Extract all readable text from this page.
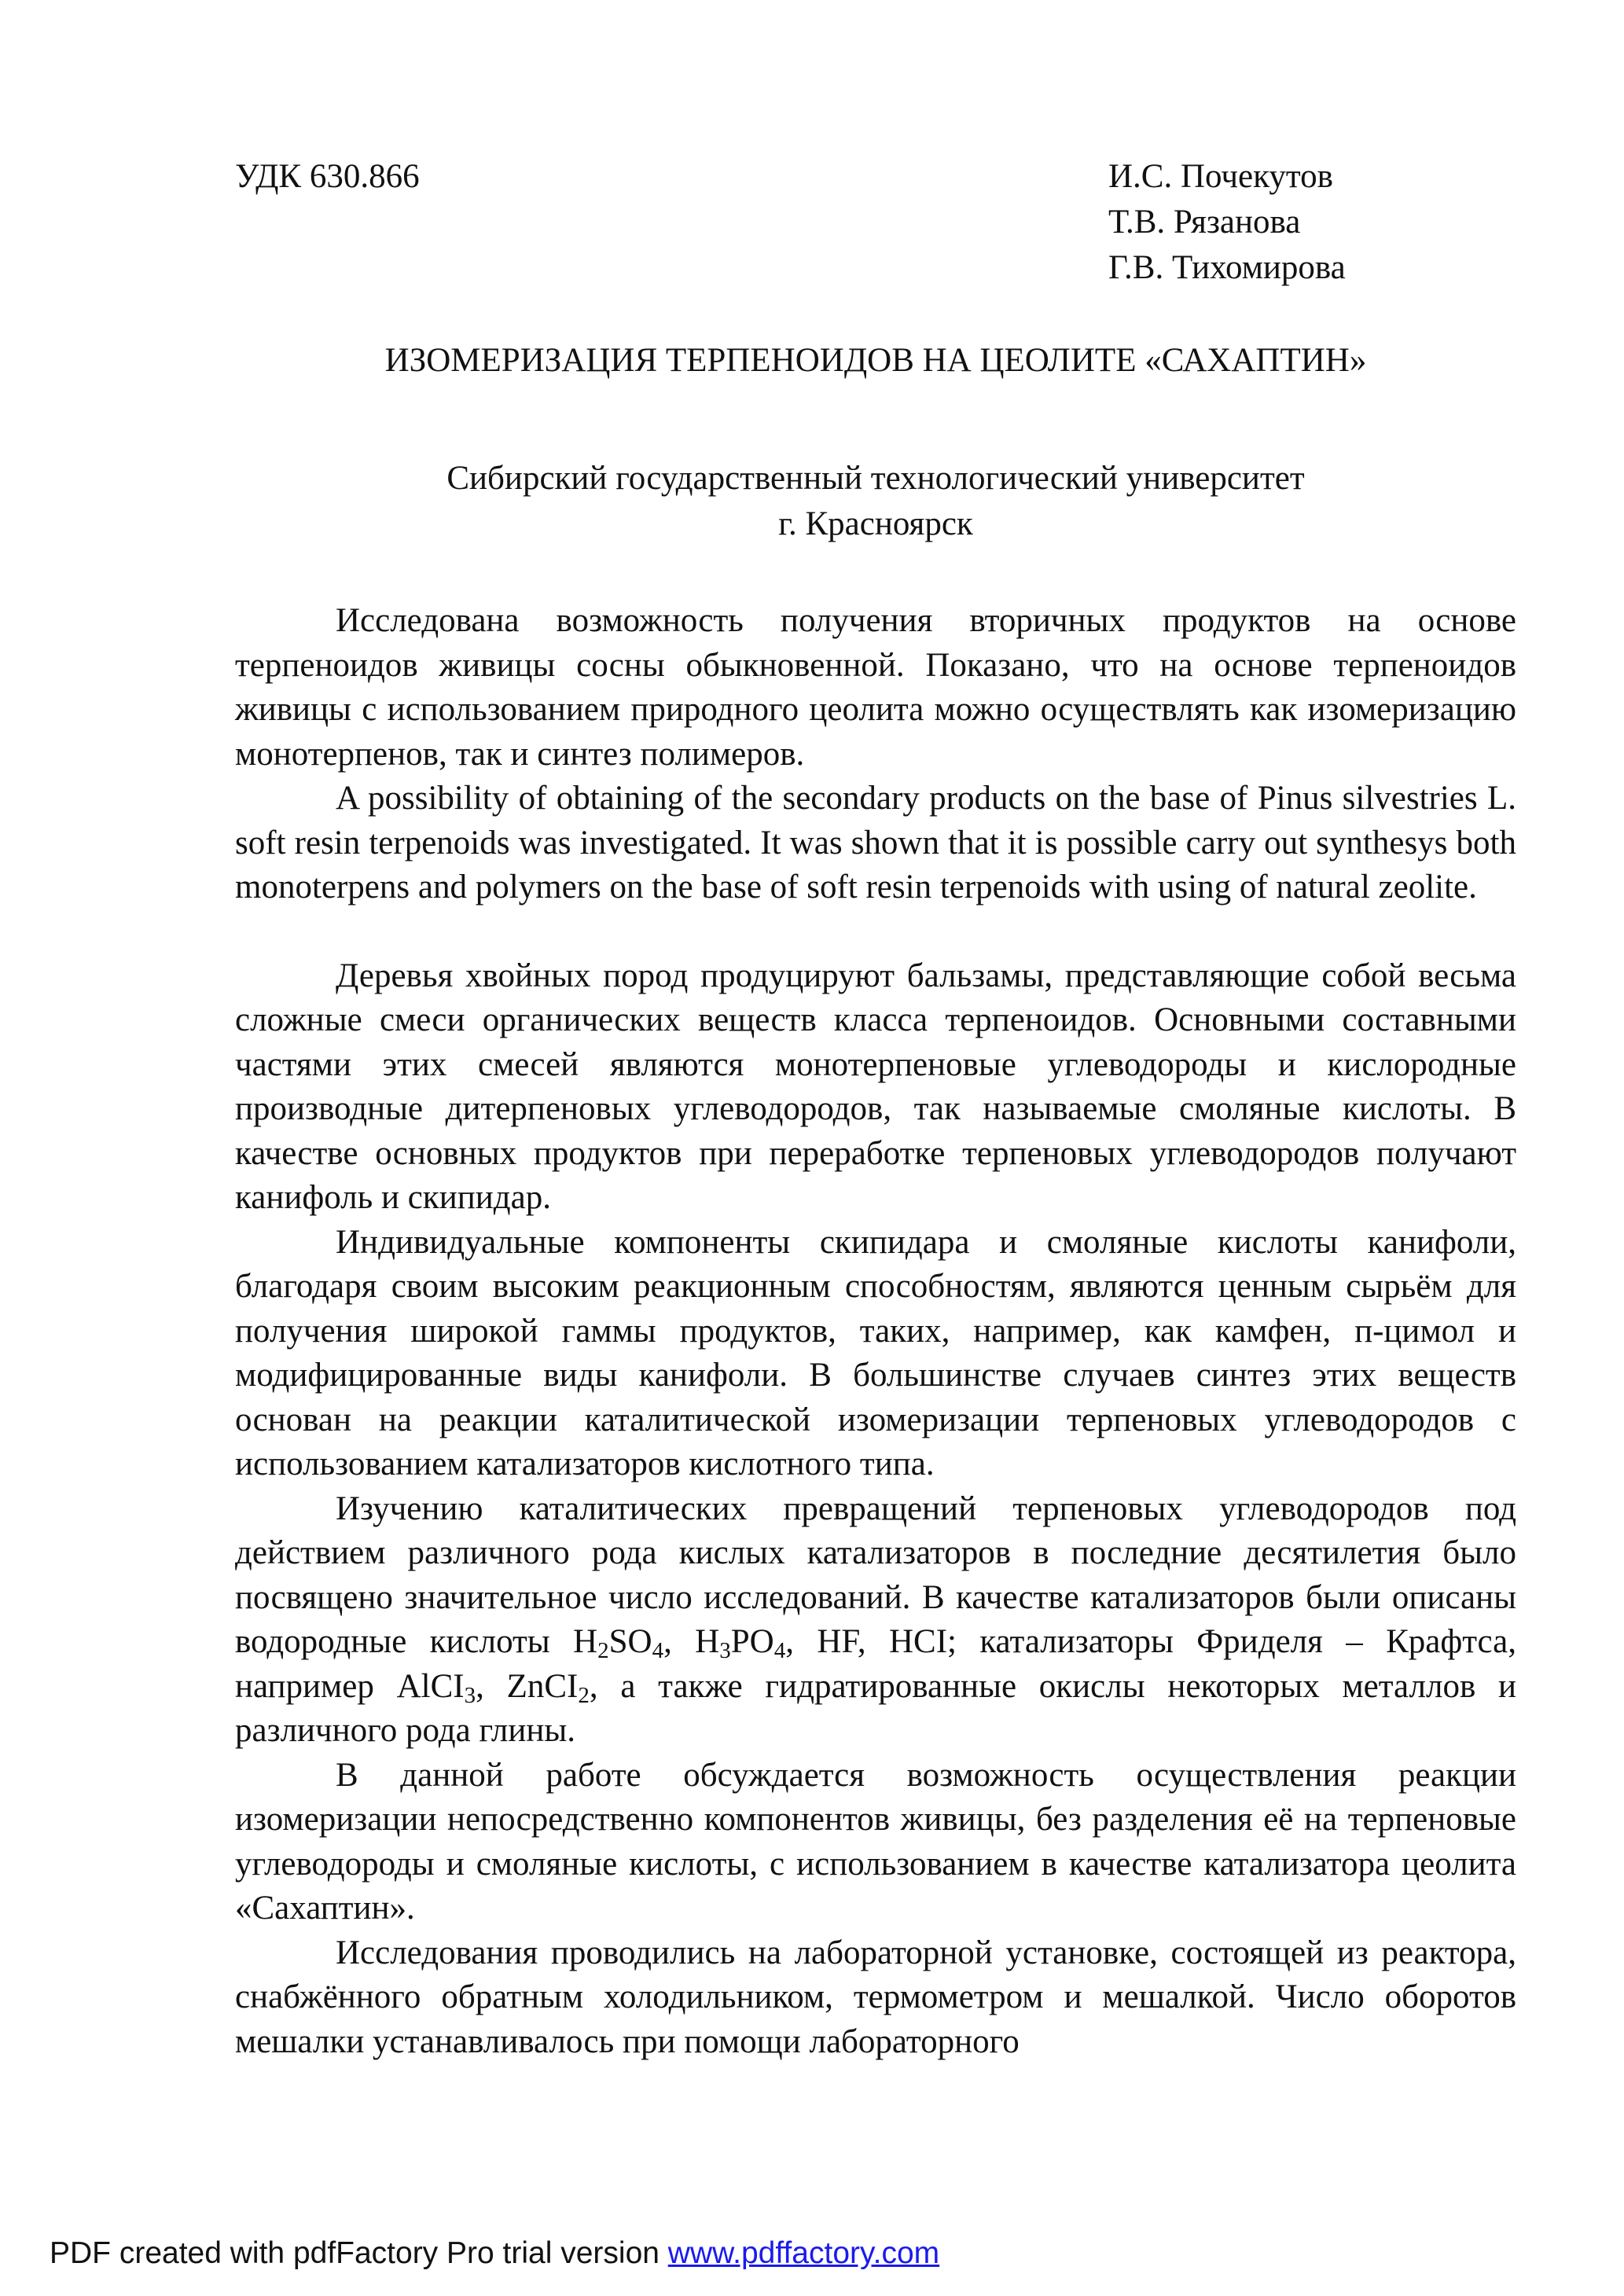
УДК 630.866	И.С. Почекутов
Т.В. Рязанова
Г.В. Тихомирова
ИЗОМЕРИЗАЦИЯ ТЕРПЕНОИДОВ НА ЦЕОЛИТЕ «САХАПТИН»
Сибирский государственный технологический университет
г. Красноярск

Исследована возможность получения вторичных продуктов на основе терпеноидов живицы сосны обыкновенной. Показано, что на основе терпеноидов живицы с использованием природного цеолита можно осуществлять как изомеризацию монотерпенов, так и синтез полимеров.

A possibility of obtaining of the secondary products on the base of Pinus silvestries L. soft resin terpenoids was investigated. It was shown that it is possible carry out synthesys both monoterpens and polymers on the base of soft resin terpenoids with using of natural zeolite.

Деревья хвойных пород продуцируют бальзамы, представляющие собой весьма сложные смеси органических веществ класса терпеноидов. Основными составными частями этих смесей являются монотерпеновые углеводороды и кислородные производные дитерпеновых углеводородов, так называемые смоляные кислоты. В качестве основных продуктов при переработке терпеновых углеводородов получают канифоль и скипидар.

Индивидуальные компоненты скипидара и смоляные кислоты канифоли, благодаря своим высоким реакционным способностям, являются ценным сырьём для получения широкой гаммы продуктов, таких, например, как камфен, п-цимол и модифицированные виды канифоли. В большинстве случаев синтез этих веществ основан на реакции каталитической изомеризации терпеновых углеводородов с использованием катализаторов кислотного типа.

Изучению каталитических превращений терпеновых углеводородов под действием различного рода кислых катализаторов в последние десятилетия было посвящено значительное число исследований. В качестве катализаторов были описаны водородные кислоты $H_2SO_4$, $H_3PO_4$, HF, HCI; катализаторы Фриделя – Крафтса, например AlCI$_3$, ZnCI$_2$, а также гидратированные окислы некоторых металлов и различного рода глины.

В данной работе обсуждается возможность осуществления реакции изомеризации непосредственно компонентов живицы, без разделения её на терпеновые углеводороды и смоляные кислоты, с использованием в качестве катализатора цеолита «Сахаптин».

Исследования проводились на лабораторной установке, состоящей из реактора, снабжённого обратным холодильником, термометром и мешалкой. Число оборотов мешалки устанавливалось при помощи лабораторного

PDF created with pdfFactory Pro trial version www.pdffactory.com
